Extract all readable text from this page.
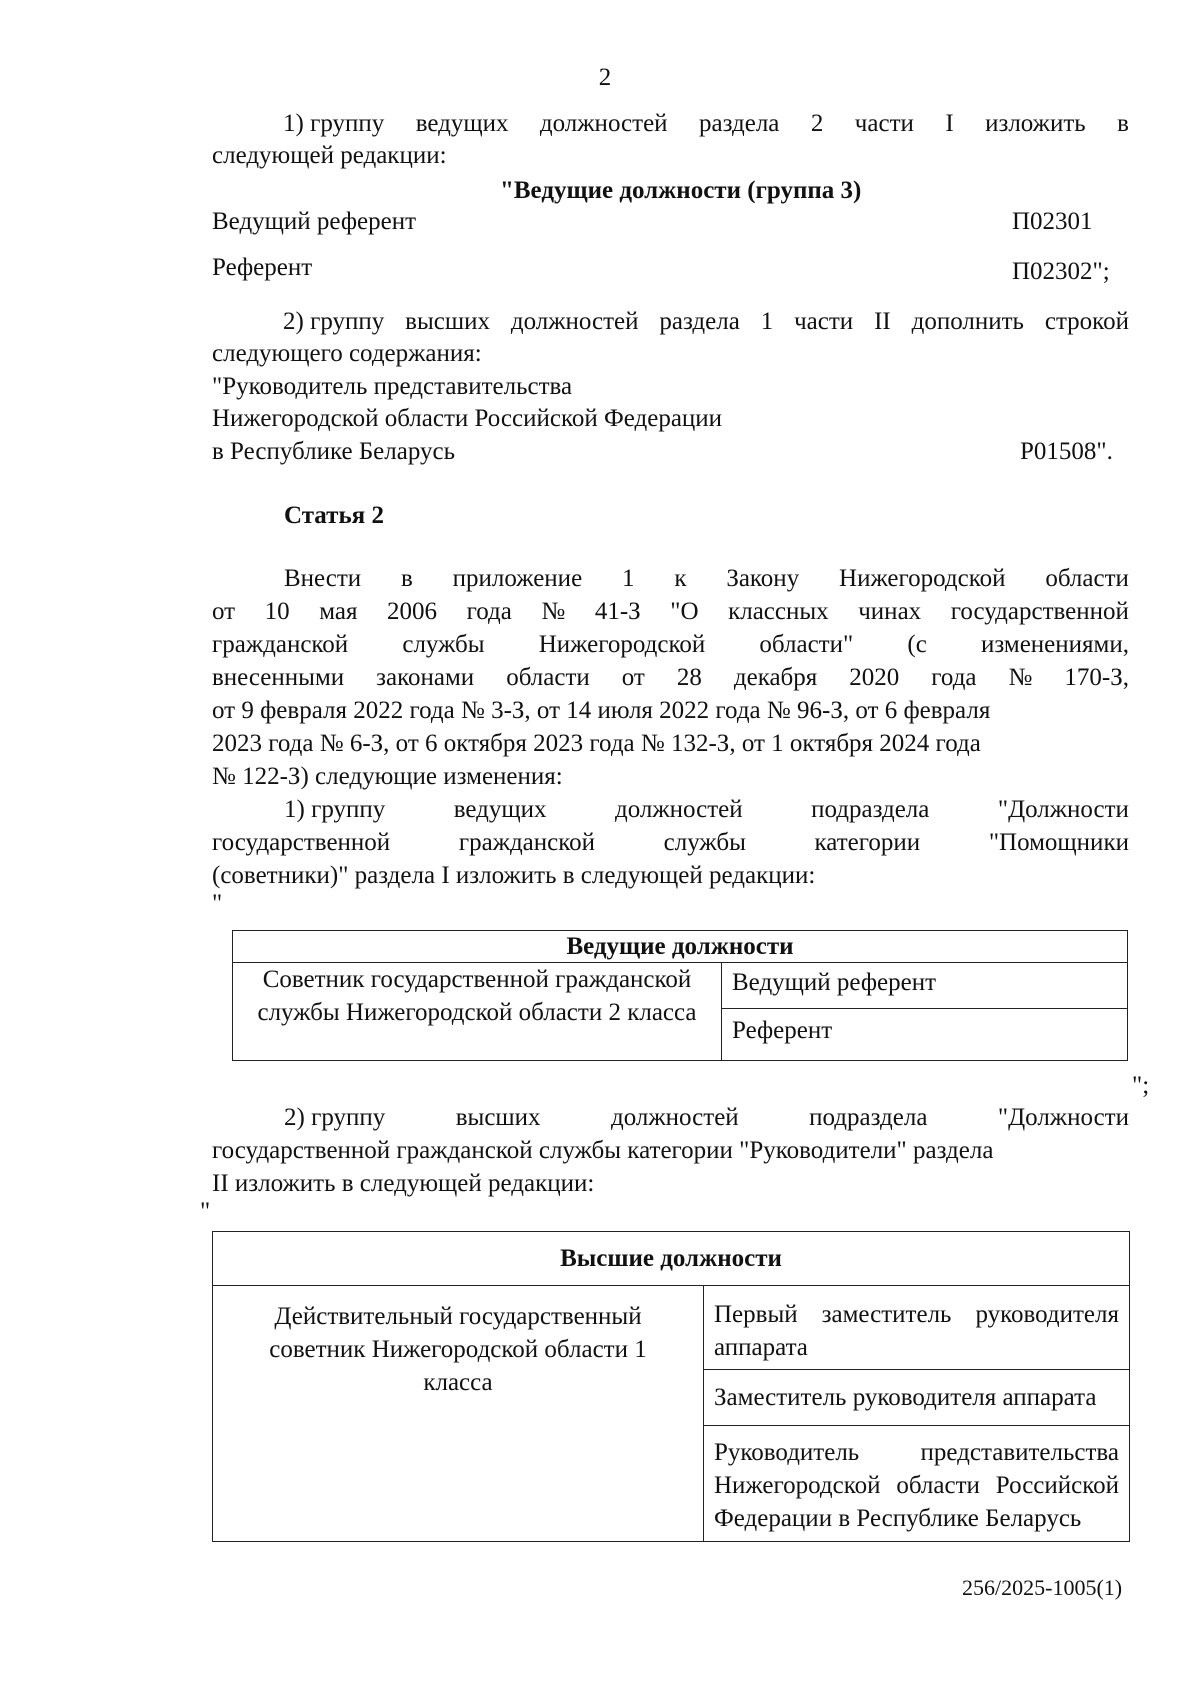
2
1) группу ведущих должностей раздела 2 части I изложить в
следующей редакции:
"Ведущие должности (группа 3)
Ведущий референт	П02301
Референт	П02302";
2) группу высших должностей раздела 1 части II дополнить строкой
следующего содержания:
"Руководитель представительства
Нижегородской области Российской Федерации
в Республике Беларусь	Р01508".
Статья 2
Внести в приложение 1 к Закону Нижегородской области
от 10 мая 2006 года № 41-З "О классных чинах государственной
гражданской службы Нижегородской области" (с изменениями,
внесенными законами области от 28 декабря 2020 года № 170-З,
от 9 февраля 2022 года № 3-З, от 14 июля 2022 года № 96-З, от 6 февраля
2023 года № 6-З, от 6 октября 2023 года № 132-З, от 1 октября 2024 года
№ 122-З) следующие изменения:
1) группу	ведущих	должностей	подраздела	"Должности
государственной	гражданской	службы	категории	"Помощники
(советники)" раздела I изложить в следующей редакции:
"
Ведущие должности
Советник государственной гражданской службы Нижегородской области 2 класса	Ведущий референт
Референт
";
2) группу	высших	должностей	подраздела	"Должности
государственной гражданской службы категории "Руководители" раздела
II изложить в следующей редакции:
"
Высшие должности
Действительный государственный советник Нижегородской области 1 класса	Первый заместитель руководителя аппарата
Заместитель руководителя аппарата
Руководитель представительства Нижегородской области Российской Федерации в Республике Беларусь
256/2025-1005(1)
